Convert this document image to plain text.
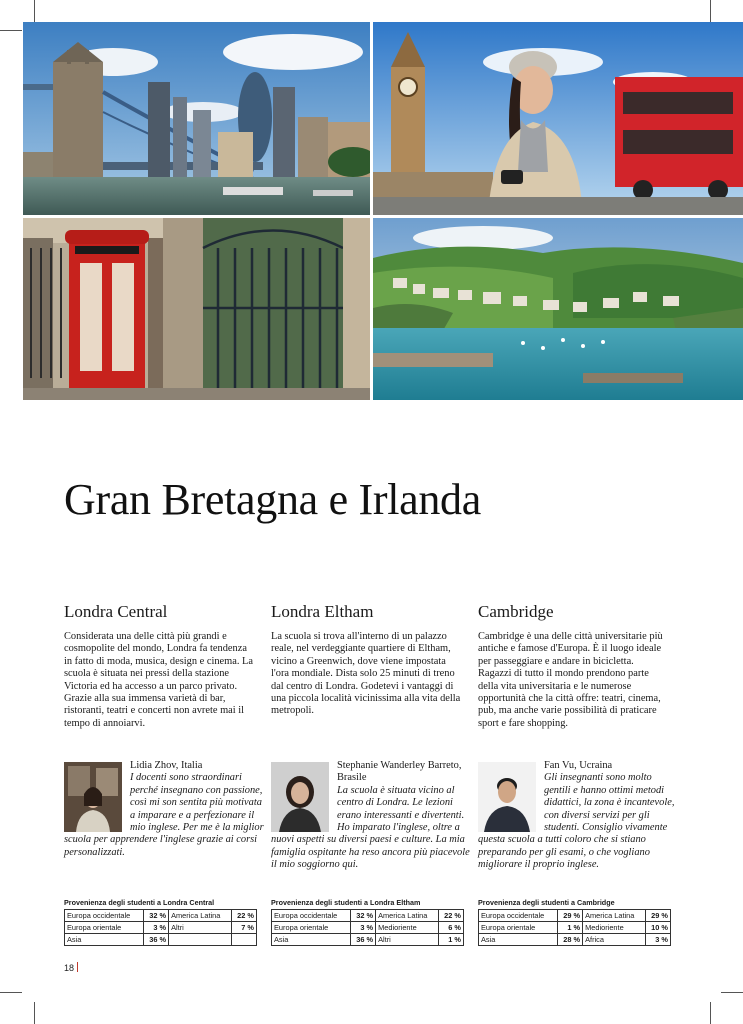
Gran Bretagna e Irlanda
Londra Central

Considerata una delle città più grandi e cosmopolite del mondo, Londra fa tendenza in fatto di moda, musica, design e cinema. La scuola è situata nei pressi della stazione Victoria ed ha accesso a un parco privato. Grazie alla sua immensa varietà di bar, ristoranti, teatri e concerti non avrete mai il tempo di annoiarvi.

Londra Eltham

La scuola si trova all'interno di un palazzo reale, nel verdeggiante quartiere di Eltham, vicino a Greenwich, dove viene impostata l'ora mondiale. Dista solo 25 minuti di treno dal centro di Londra. Godetevi i vantaggi di una piccola località vicinissima alla vita della metropoli.

Cambridge

Cambridge è una delle città universitarie più antiche e famose d'Europa. È il luogo ideale per passeggiare e andare in bicicletta. Ragazzi di tutto il mondo prendono parte della vita universitaria e le numerose opportunità che la città offre: teatri, cinema, pub, ma anche varie possibilità di praticare sport e fare shopping.

Lidia Zhov, Italia
I docenti sono straordinari perché insegnano con passione, così mi son sentita più motivata a imparare e a perfezionare il mio inglese. Per me è la miglior scuola per apprendere l'inglese grazie ai corsi personalizzati.
Stephanie Wanderley Barreto, Brasile
La scuola è situata vicino al centro di Londra. Le lezioni erano interessanti e divertenti. Ho imparato l'inglese, oltre a nuovi aspetti su diversi paesi e culture. La mia famiglia ospitante ha reso ancora più piacevole il mio soggiorno qui.
Fan Vu, Ucraina
Gli insegnanti sono molto gentili e hanno ottimi metodi didattici, la zona è incantevole, con diversi servizi per gli studenti. Consiglio vivamente questa scuola a tutti coloro che si stiano preparando per gli esami, o che vogliano migliorare il proprio inglese.
Provenienza degli studenti a Londra Central
Europa occidentale	32 %	America Latina	22 %
Europa orientale	3 %	Altri	7 %
Asia	36 %		
Provenienza degli studenti a Londra Eltham
Europa occidentale	32 %	America Latina	22 %
Europa orientale	3 %	Medioriente	6 %
Asia	36 %	Altri	1 %
Provenienza degli studenti a Cambridge
Europa occidentale	29 %	America Latina	29 %
Europa orientale	1 %	Medioriente	10 %
Asia	28 %	Africa	3 %
18
